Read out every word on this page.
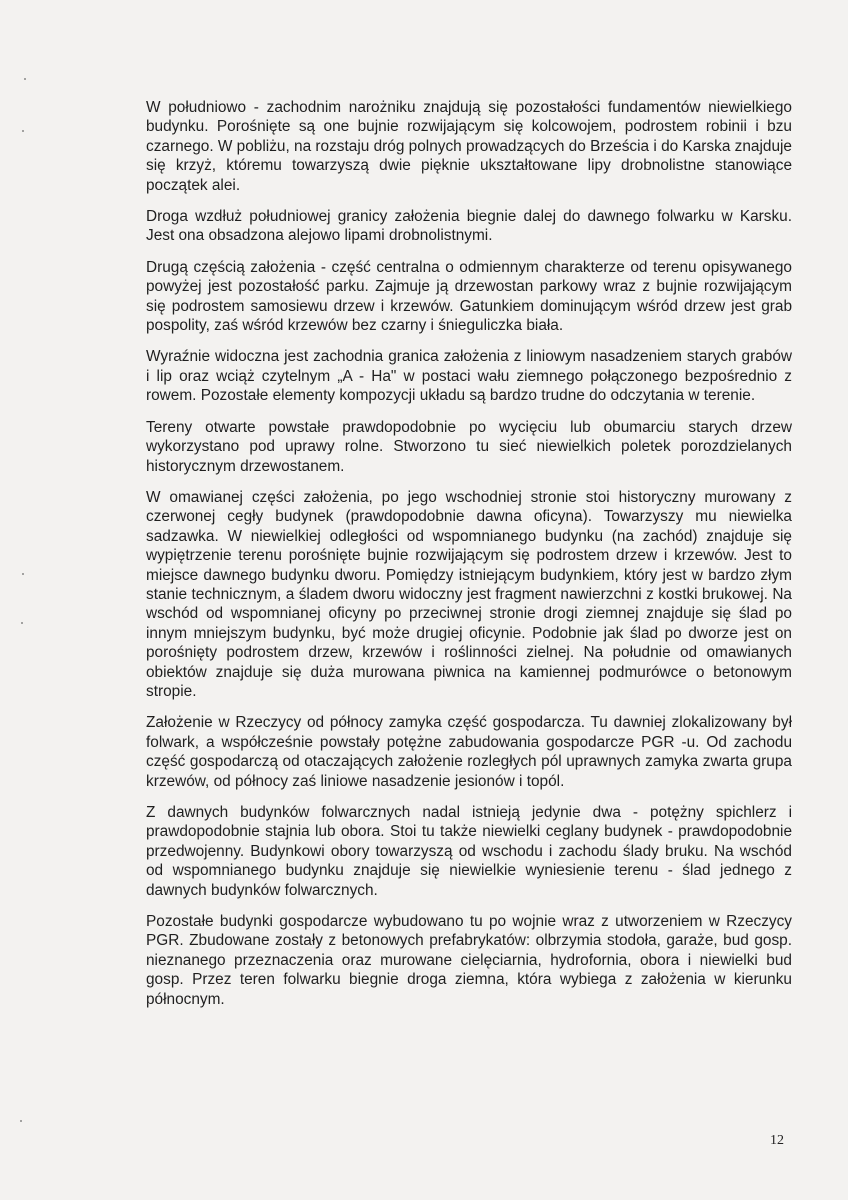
W południowo - zachodnim narożniku znajdują się pozostałości fundamentów niewielkiego budynku. Porośnięte są one bujnie rozwijającym się kolcowojem, podrostem robinii i bzu czarnego. W pobliżu, na rozstaju dróg polnych prowadzących do Brześcia i do Karska znajduje się krzyż, któremu towarzyszą dwie pięknie ukształtowane lipy drobnolistne stanowiące początek alei.

Droga wzdłuż południowej granicy założenia biegnie dalej do dawnego folwarku w Karsku. Jest ona obsadzona alejowo lipami drobnolistnymi.

Drugą częścią założenia - część centralna o odmiennym charakterze od terenu opisywanego powyżej jest pozostałość parku. Zajmuje ją drzewostan parkowy wraz z bujnie rozwijającym się podrostem samosiewu drzew i krzewów. Gatunkiem dominującym wśród drzew jest grab pospolity, zaś wśród krzewów bez czarny i śnieguliczka biała.

Wyraźnie widoczna jest zachodnia granica założenia z liniowym nasadzeniem starych grabów i lip oraz wciąż czytelnym „A - Ha" w postaci wału ziemnego połączonego bezpośrednio z rowem. Pozostałe elementy kompozycji układu są bardzo trudne do odczytania w terenie.

Tereny otwarte powstałe prawdopodobnie po wycięciu lub obumarciu starych drzew wykorzystano pod uprawy rolne. Stworzono tu sieć niewielkich poletek porozdzielanych historycznym drzewostanem.

W omawianej części założenia, po jego wschodniej stronie stoi historyczny murowany z czerwonej cegły budynek (prawdopodobnie dawna oficyna). Towarzyszy mu niewielka sadzawka. W niewielkiej odległości od wspomnianego budynku (na zachód) znajduje się wypiętrzenie terenu porośnięte bujnie rozwijającym się podrostem drzew i krzewów. Jest to miejsce dawnego budynku dworu. Pomiędzy istniejącym budynkiem, który jest w bardzo złym stanie technicznym, a śladem dworu widoczny jest fragment nawierzchni z kostki brukowej. Na wschód od wspomnianej oficyny po przeciwnej stronie drogi ziemnej znajduje się ślad po innym mniejszym budynku, być może drugiej oficynie. Podobnie jak ślad po dworze jest on porośnięty podrostem drzew, krzewów i roślinności zielnej. Na południe od omawianych obiektów znajduje się duża murowana piwnica na kamiennej podmurówce o betonowym stropie.

Założenie w Rzeczycy od północy zamyka część gospodarcza. Tu dawniej zlokalizowany był folwark, a współcześnie powstały potężne zabudowania gospodarcze PGR -u. Od zachodu część gospodarczą od otaczających założenie rozległych pól uprawnych zamyka zwarta grupa krzewów, od północy zaś liniowe nasadzenie jesionów i topól.

Z dawnych budynków folwarcznych nadal istnieją jedynie dwa - potężny spichlerz i prawdopodobnie stajnia lub obora. Stoi tu także niewielki ceglany budynek - prawdopodobnie przedwojenny. Budynkowi obory towarzyszą od wschodu i zachodu ślady bruku. Na wschód od wspomnianego budynku znajduje się niewielkie wyniesienie terenu - ślad jednego z dawnych budynków folwarcznych.

Pozostałe budynki gospodarcze wybudowano tu po wojnie wraz z utworzeniem w Rzeczycy PGR. Zbudowane zostały z betonowych prefabrykatów: olbrzymia stodoła, garaże, bud gosp. nieznanego przeznaczenia oraz murowane cielęciarnia, hydrofornia, obora i niewielki bud gosp. Przez teren folwarku biegnie droga ziemna, która wybiega z założenia w kierunku północnym.

12
